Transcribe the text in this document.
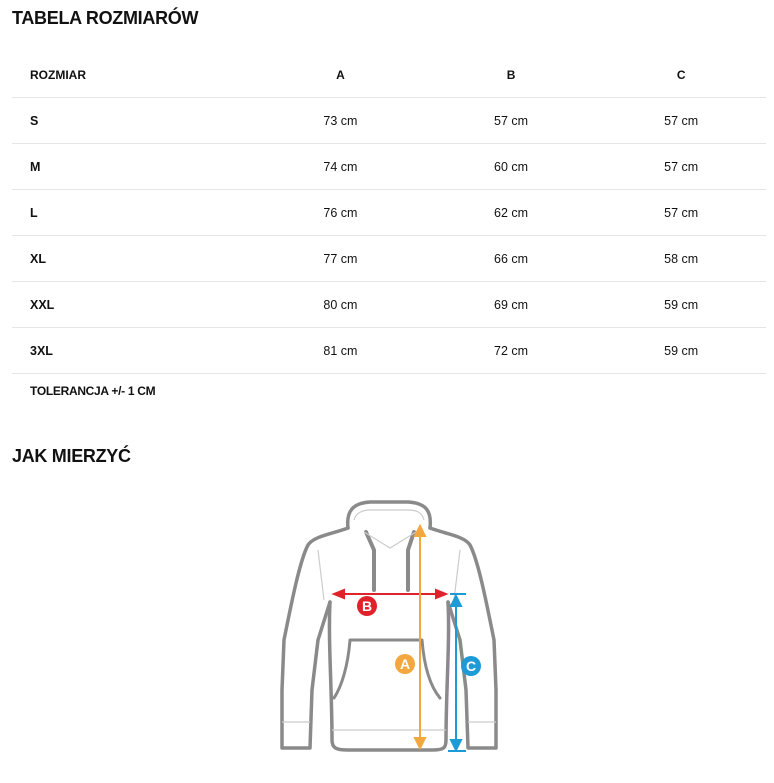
TABELA ROZMIARÓW
ROZMIAR	A	B	C
S	73 cm	57 cm	57 cm
M	74 cm	60 cm	57 cm
L	76 cm	62 cm	57 cm
XL	77 cm	66 cm	58 cm
XXL	80 cm	69 cm	59 cm
3XL	81 cm	72 cm	59 cm
TOLERANCJA +/- 1 CM
JAK MIERZYĆ
B
A	C
